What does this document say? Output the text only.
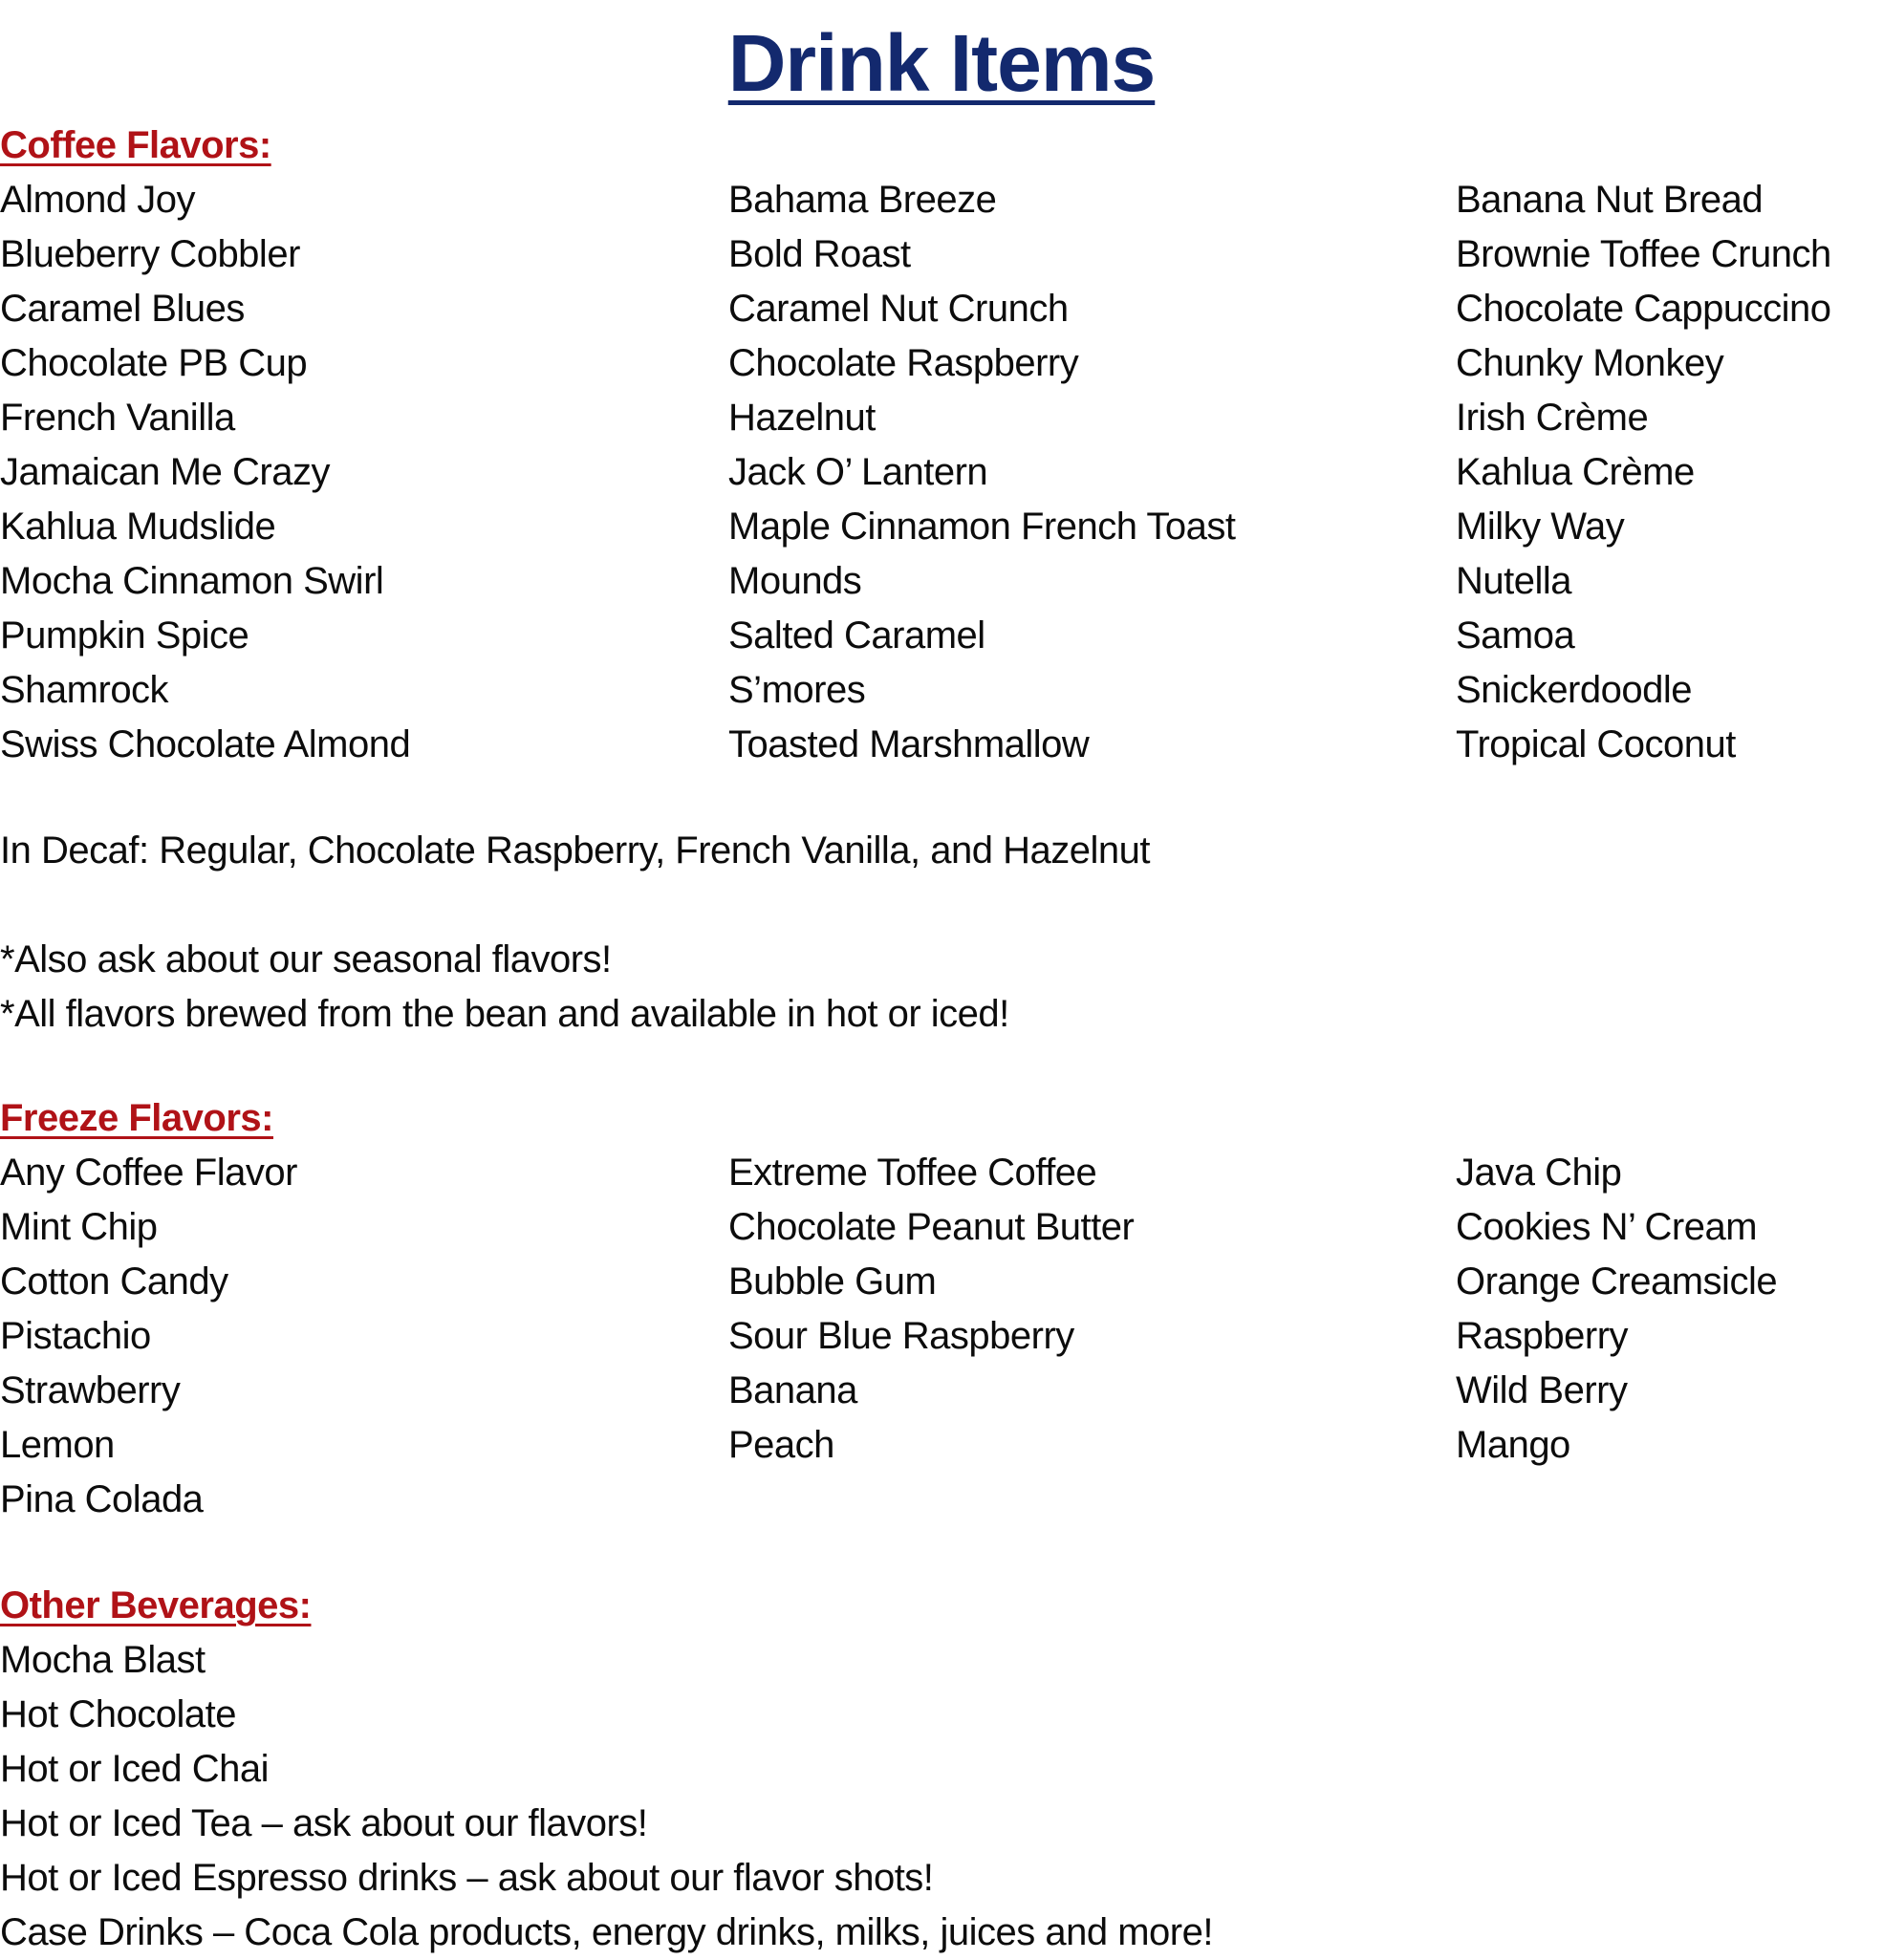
Drink Items
Coffee Flavors:
Almond Joy
Blueberry Cobbler
Caramel Blues
Chocolate PB Cup
French Vanilla
Jamaican Me Crazy
Kahlua Mudslide
Mocha Cinnamon Swirl
Pumpkin Spice
Shamrock
Swiss Chocolate Almond
Bahama Breeze
Bold Roast
Caramel Nut Crunch
Chocolate Raspberry
Hazelnut
Jack O’ Lantern
Maple Cinnamon French Toast
Mounds
Salted Caramel
S’mores
Toasted Marshmallow
Banana Nut Bread
Brownie Toffee Crunch
Chocolate Cappuccino
Chunky Monkey
Irish Crème
Kahlua Crème
Milky Way
Nutella
Samoa
Snickerdoodle
Tropical Coconut
In Decaf: Regular, Chocolate Raspberry, French Vanilla, and Hazelnut
*Also ask about our seasonal flavors!
*All flavors brewed from the bean and available in hot or iced!
Freeze Flavors:
Any Coffee Flavor
Mint Chip
Cotton Candy
Pistachio
Strawberry
Lemon
Pina Colada
Extreme Toffee Coffee
Chocolate Peanut Butter
Bubble Gum
Sour Blue Raspberry
Banana
Peach
Java Chip
Cookies N’ Cream
Orange Creamsicle
Raspberry
Wild Berry
Mango
Other Beverages:
Mocha Blast
Hot Chocolate
Hot or Iced Chai
Hot or Iced Tea – ask about our flavors!
Hot or Iced Espresso drinks – ask about our flavor shots!
Case Drinks – Coca Cola products, energy drinks, milks, juices and more!
